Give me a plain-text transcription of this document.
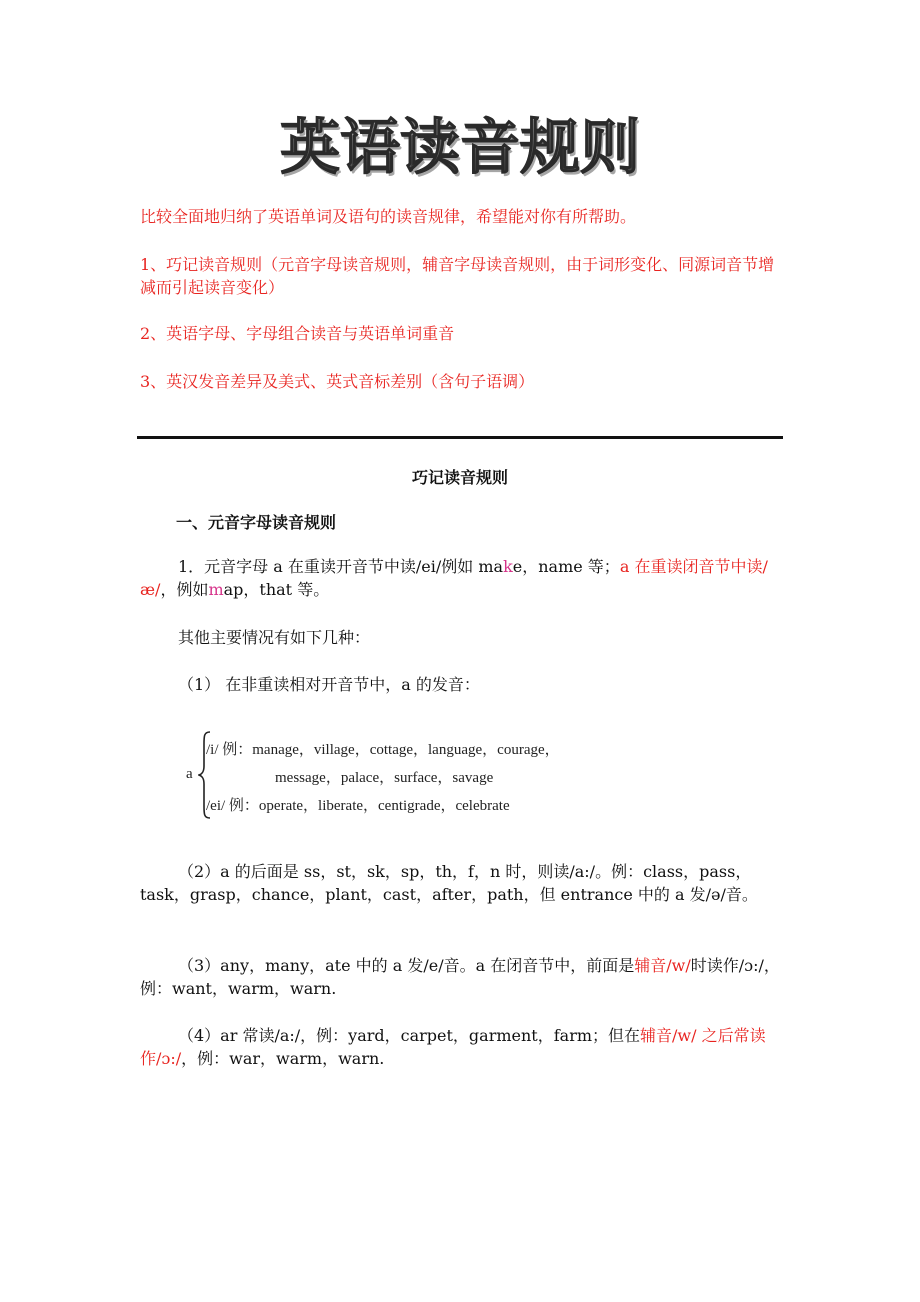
英语读音规则

比较全面地归纳了英语单词及语句的读音规律，希望能对你有所帮助。

1、巧记读音规则（元音字母读音规则，辅音字母读音规则，由于词形变化、同源词音节增减而引起读音变化）

2、英语字母、字母组合读音与英语单词重音

3、英汉发音差异及美式、英式音标差别（含句子语调）

巧记读音规则
一、元音字母读音规则

1．元音字母 a 在重读开音节中读/ei/例如 make，name 等；a 在重读闭音节中读/æ/，例如map，that 等。

其他主要情况有如下几种：

（1） 在非重读相对开音节中，a 的发音：

a
/i/ 例：manage，village，cottage，language，courage，
message，palace，surface，savage
/ei/ 例：operate，liberate，centigrade，celebrate

（2）a 的后面是 ss，st，sk，sp，th，f，n 时，则读/a:/。例：class，pass，task，grasp，chance，plant，cast，after，path，但 entrance 中的 a 发/ə/音。

（3）any，many，ate 中的 a 发/e/音。a 在闭音节中，前面是辅音/w/时读作/ɔ:/，例：want，warm，warn.

（4）ar 常读/a:/，例：yard，carpet，garment，farm；但在辅音/w/ 之后常读作/ɔ:/，例：war，warm，warn.
